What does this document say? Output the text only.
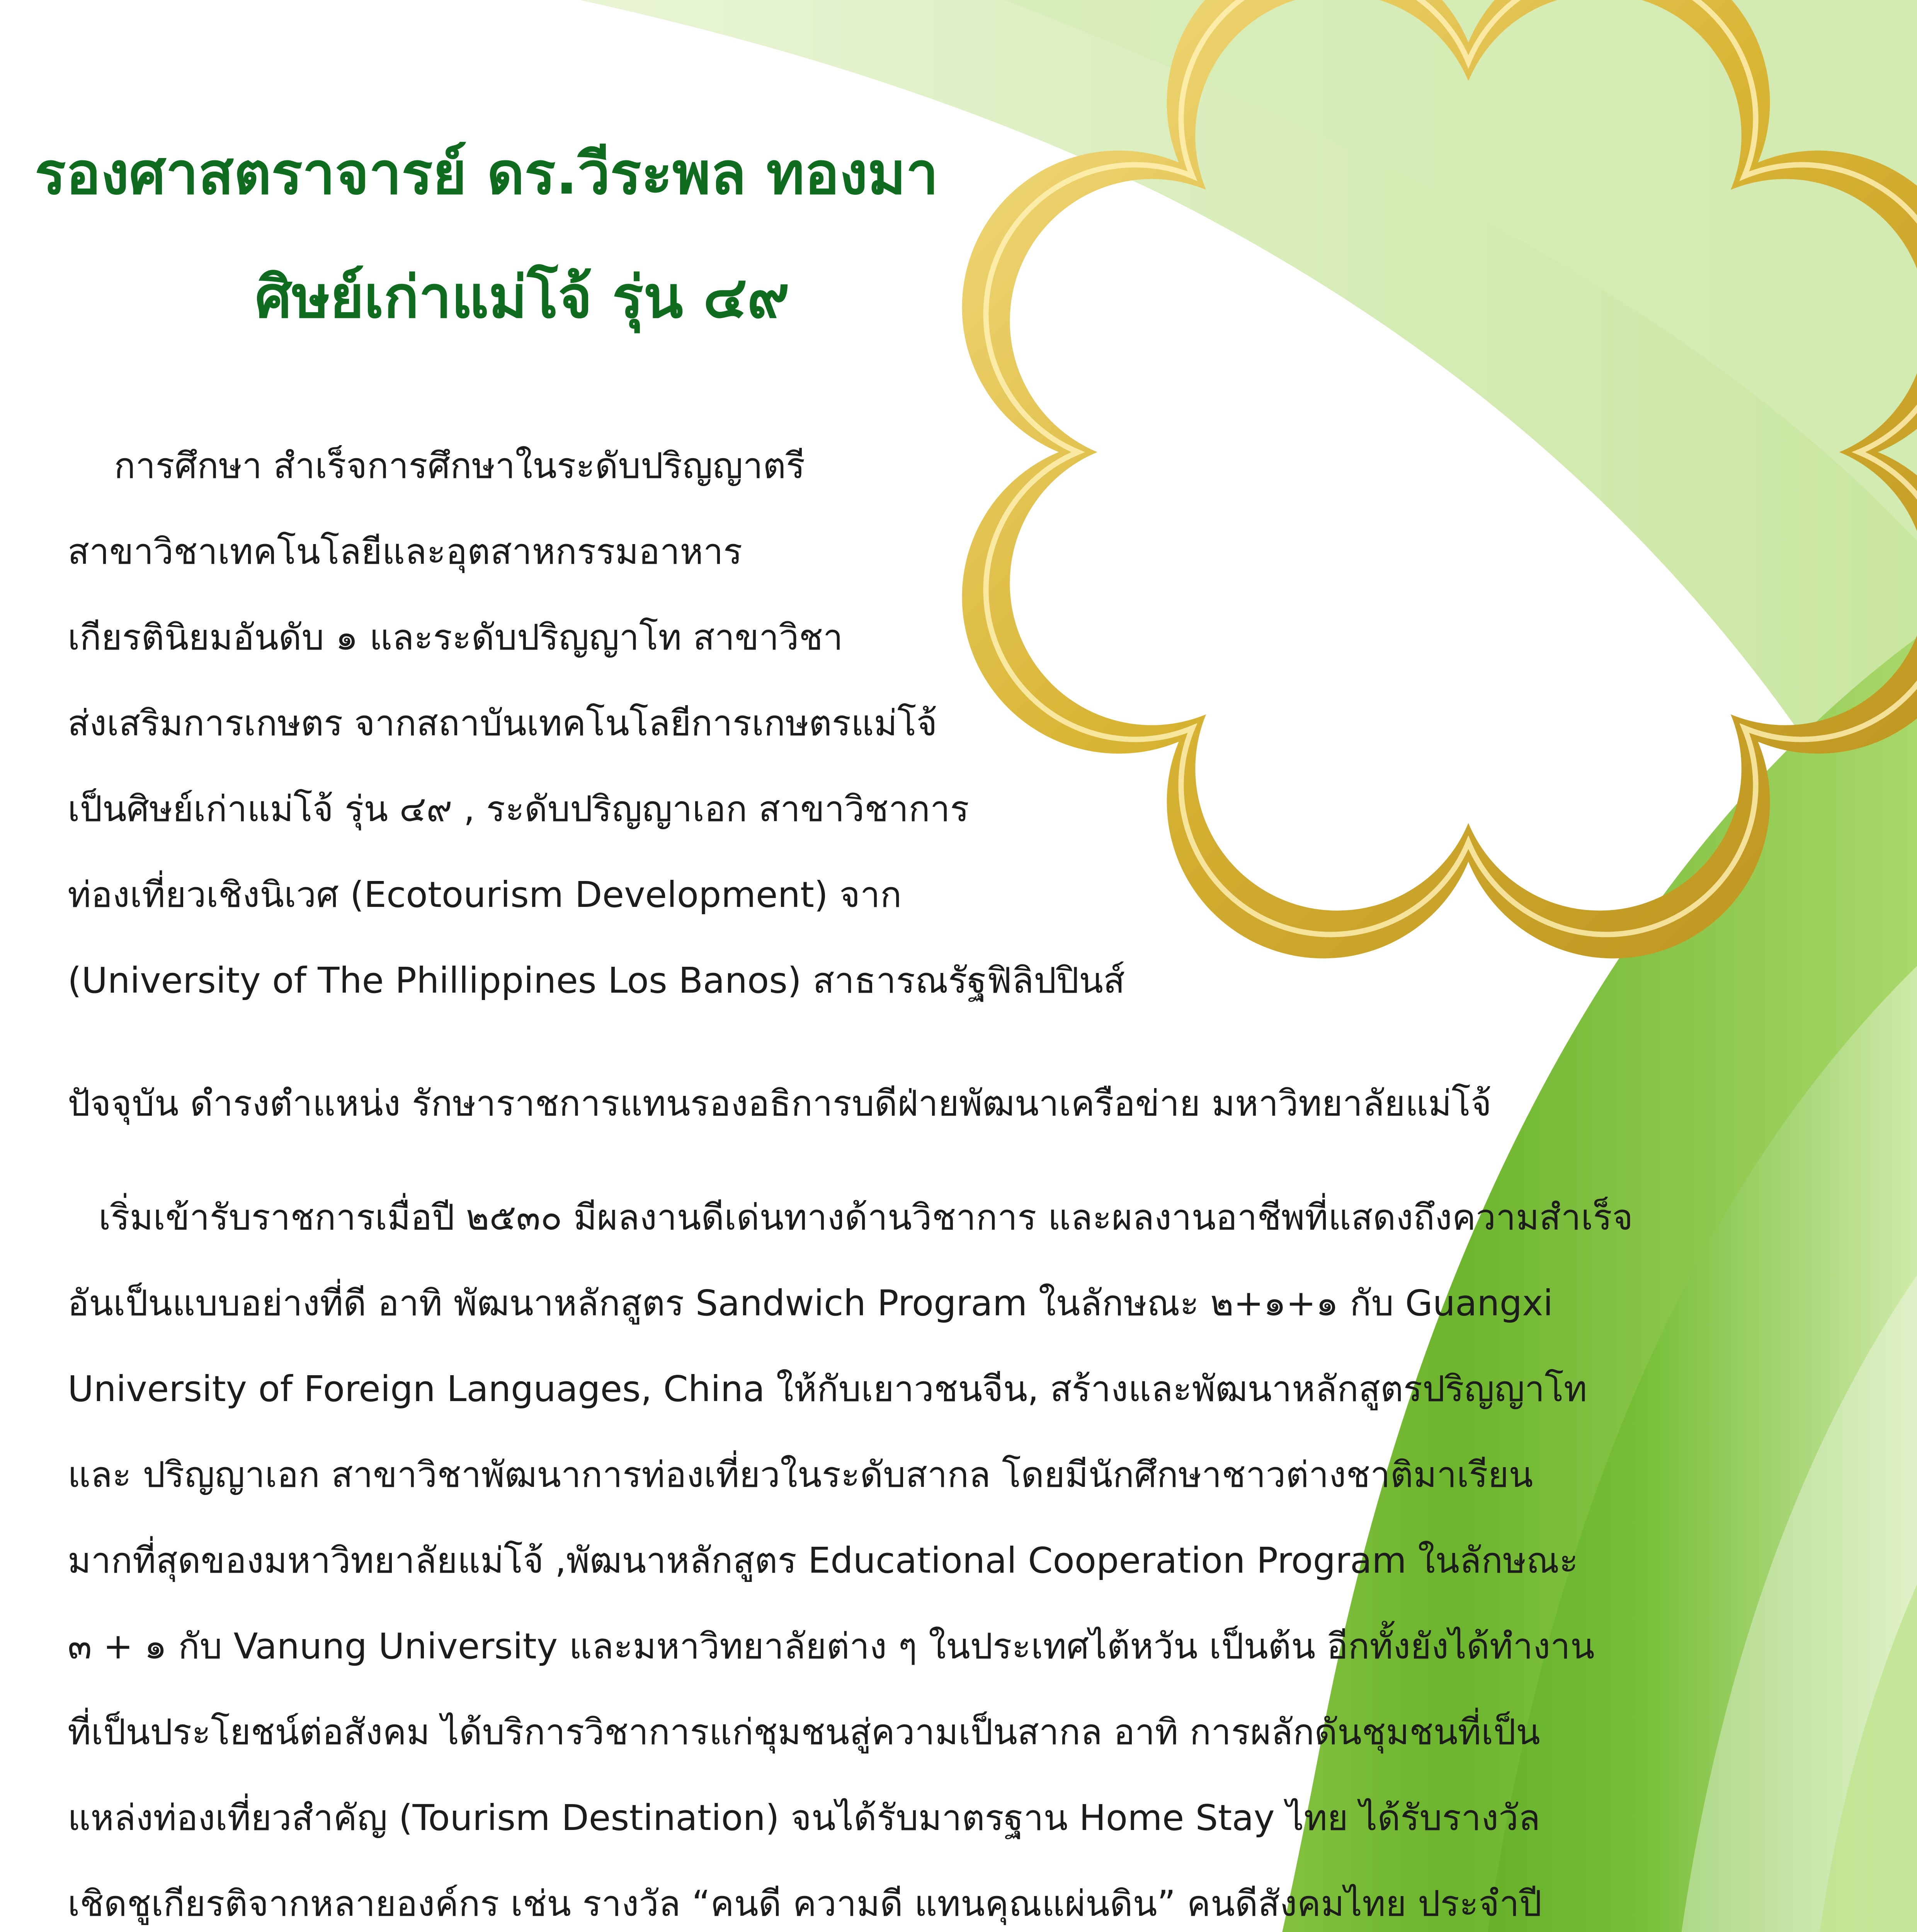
รองศาสตราจารย์ ดร.วีระพล ทองมา
ศิษย์เก่าแม่โจ้ รุ่น ๔๙
การศึกษา สำเร็จการศึกษาในระดับปริญญาตรี
สาขาวิชาเทคโนโลยีและอุตสาหกรรมอาหาร
เกียรตินิยมอันดับ ๑ และระดับปริญญาโท สาขาวิชา
ส่งเสริมการเกษตร จากสถาบันเทคโนโลยีการเกษตรแม่โจ้
เป็นศิษย์เก่าแม่โจ้ รุ่น ๔๙ , ระดับปริญญาเอก สาขาวิชาการ
ท่องเที่ยวเชิงนิเวศ (Ecotourism Development) จาก
(University of The Phillippines Los Banos) สาธารณรัฐฟิลิปปินส์
ปัจจุบัน ดำรงตำแหน่ง รักษาราชการแทนรองอธิการบดีฝ่ายพัฒนาเครือข่าย มหาวิทยาลัยแม่โจ้
เริ่มเข้ารับราชการเมื่อปี ๒๕๓๐ มีผลงานดีเด่นทางด้านวิชาการ และผลงานอาชีพที่แสดงถึงความสำเร็จ
อันเป็นแบบอย่างที่ดี อาทิ พัฒนาหลักสูตร Sandwich Program ในลักษณะ ๒+๑+๑ กับ Guangxi
University of Foreign Languages, China ให้กับเยาวชนจีน, สร้างและพัฒนาหลักสูตรปริญญาโท
และ ปริญญาเอก สาขาวิชาพัฒนาการท่องเที่ยวในระดับสากล โดยมีนักศึกษาชาวต่างชาติมาเรียน
มากที่สุดของมหาวิทยาลัยแม่โจ้ ,พัฒนาหลักสูตร Educational Cooperation Program ในลักษณะ
๓ + ๑ กับ Vanung University และมหาวิทยาลัยต่าง ๆ ในประเทศไต้หวัน เป็นต้น อีกทั้งยังได้ทำงาน
ที่เป็นประโยชน์ต่อสังคม ได้บริการวิชาการแก่ชุมชนสู่ความเป็นสากล อาทิ การผลักดันชุมชนที่เป็น
แหล่งท่องเที่ยวสำคัญ (Tourism Destination) จนได้รับมาตรฐาน Home Stay ไทย ได้รับรางวัล
เชิดชูเกียรติจากหลายองค์กร เช่น รางวัล “คนดี ความดี แทนคุณแผ่นดิน” คนดีสังคมไทย ประจำปี
